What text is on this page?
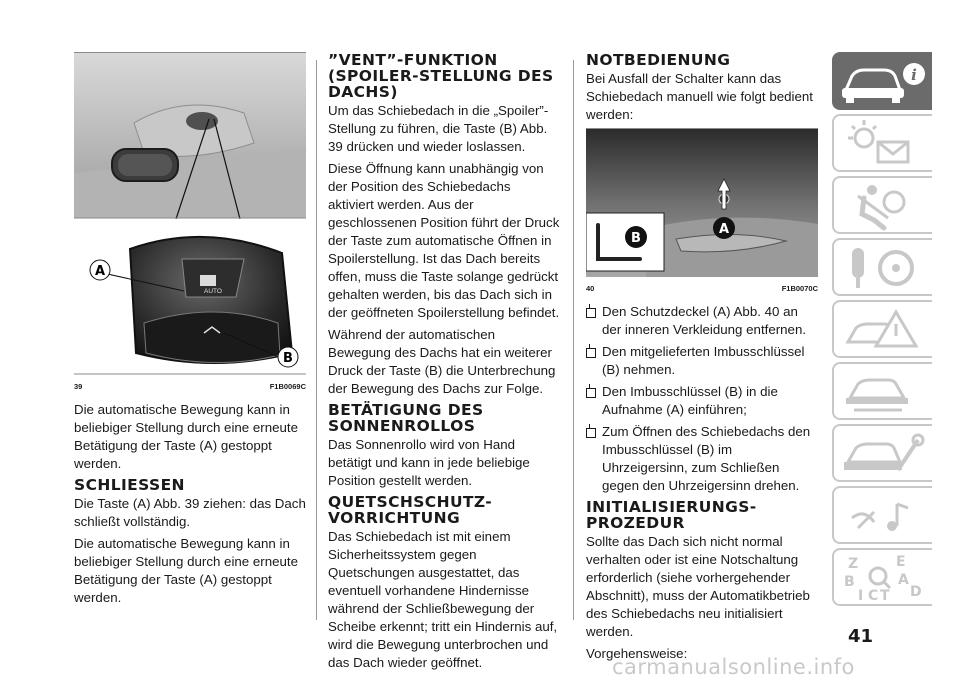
AUTO
A
B
39	F1B0069C

Die automatische Bewegung kann in beliebiger Stellung durch eine erneute Betätigung der Taste (A) gestoppt werden.

SCHLIESSEN

Die Taste (A) Abb. 39 ziehen: das Dach schließt vollständig.

Die automatische Bewegung kann in beliebiger Stellung durch eine erneute Betätigung der Taste (A) gestoppt werden.

”VENT”-FUNKTION (SPOILER-STELLUNG DES DACHS)

Um das Schiebedach in die „Spoiler”-Stellung zu führen, die Taste (B) Abb. 39 drücken und wieder loslassen.

Diese Öffnung kann unabhängig von der Position des Schiebedachs aktiviert werden. Aus der geschlossenen Position führt der Druck der Taste zum automatische Öffnen in Spoilerstellung. Ist das Dach bereits offen, muss die Taste solange gedrückt gehalten werden, bis das Dach sich in der geöffneten Spoilerstellung befindet.

Während der automatischen Bewegung des Dachs hat ein weiterer Druck der Taste (B) die Unterbrechung der Bewegung des Dachs zur Folge.

BETÄTIGUNG DES SONNENROLLOS

Das Sonnenrollo wird von Hand betätigt und kann in jede beliebige Position gestellt werden.

QUETSCHSCHUTZ-VORRICHTUNG

Das Schiebedach ist mit einem Sicherheitssystem gegen Quetschungen ausgestattet, das eventuell vorhandene Hindernisse während der Schließbewegung der Scheibe erkennt; tritt ein Hindernis auf, wird die Bewegung unterbrochen und das Dach wieder geöffnet.

NOTBEDIENUNG

Bei Ausfall der Schalter kann das Schiebedach manuell wie folgt bedient werden:

B
A
40	F1B0070C

Den Schutzdeckel (A) Abb. 40 an der inneren Verkleidung entfernen.

Den mitgelieferten Imbusschlüssel (B) nehmen.

Den Imbusschlüssel (B) in die Aufnahme (A) einführen;

Zum Öffnen des Schiebedachs den Imbusschlüssel (B) im Uhrzeigersinn, zum Schließen gegen den Uhrzeigersinn drehen.

INITIALISIERUNGS-PROZEDUR

Sollte das Dach sich nicht normal verhalten oder ist eine Notschaltung erforderlich (siehe vorhergehender Abschnitt), muss der Automatikbetrieb des Schiebedachs neu initialisiert werden.

Vorgehensweise:

i
Z	E
B	A
D
I C T
41
carmanualsonline.info
